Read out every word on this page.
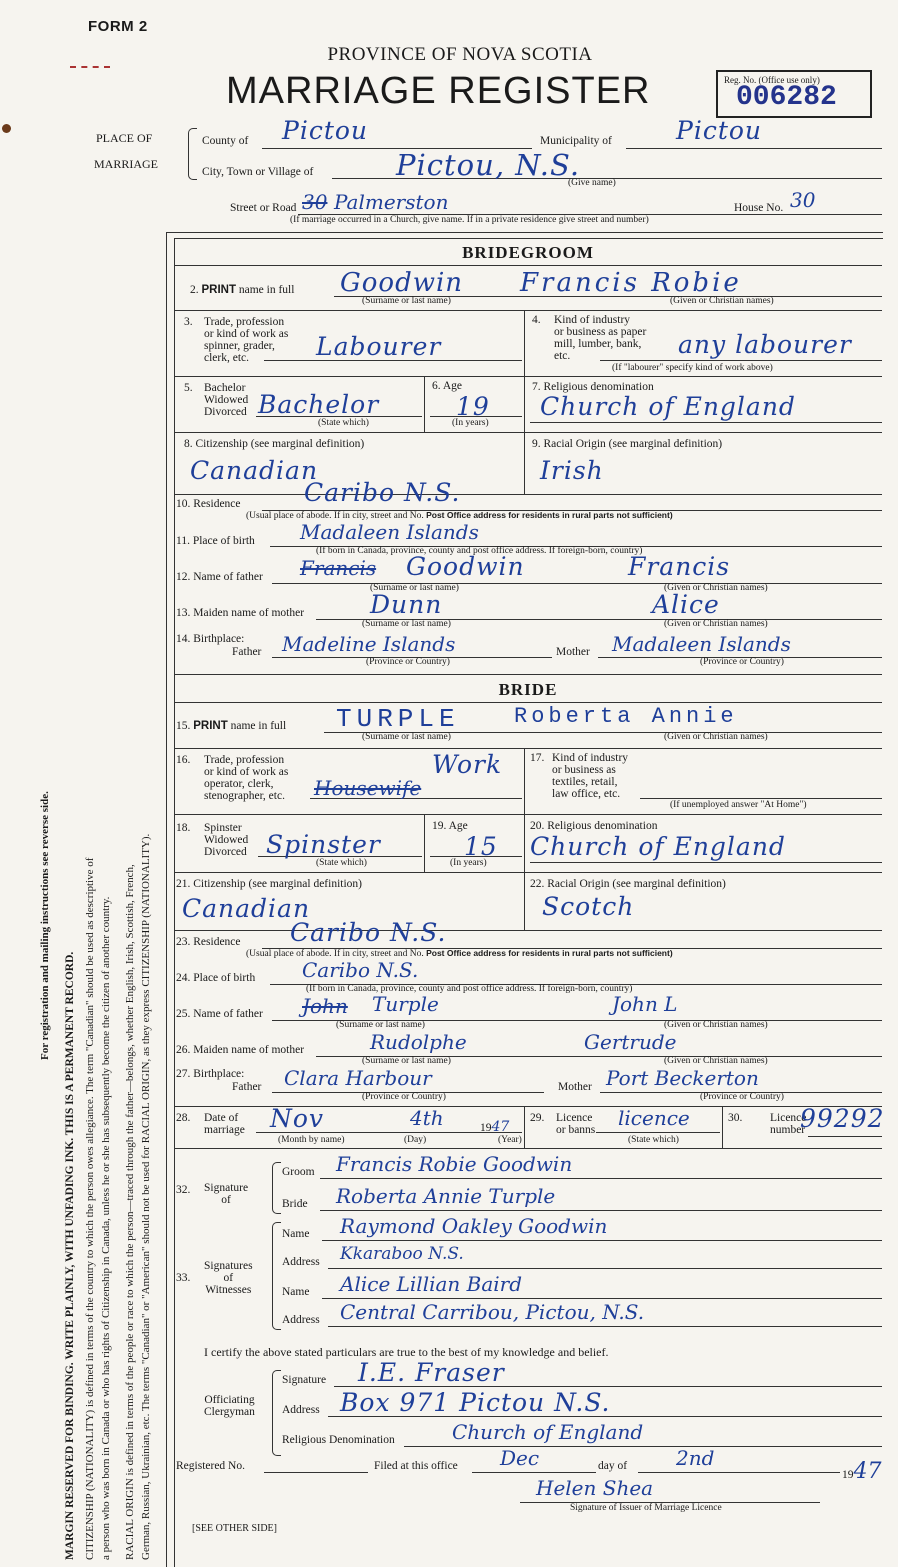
FORM 2
PROVINCE OF NOVA SCOTIA
MARRIAGE REGISTER	Reg. No. (Office use only)
006282
PLACE OF
MARRIAGE
County of Pictou	Municipality of	Pictou
City, Town or Village of	Pictou, N.S.
(Give name)
Street or Road 30 Palmerston	House No. 30
(If marriage occurred in a Church, give name. If in a private residence give street and number)
For registration and mailing instructions see reverse side.
MARGIN RESERVED FOR BINDING. WRITE PLAINLY, WITH UNFADING INK. THIS IS A PERMANENT RECORD. CITIZENSHIP (NATIONALITY) is defined in terms of the country to which the person owes allegiance. The term "Canadian" should be used as descriptive of a person who was born in Canada or who has rights of Citizenship in Canada, unless he or she has subsequently become the citizen of another country. RACIAL ORIGIN is defined in terms of the people or race to which the person—traced through the father—belongs, whether English, Irish, Scottish, French, German, Russian, Ukrainian, etc. The terms "Canadian" or "American" should not be used for RACIAL ORIGIN, as they express CITIZENSHIP (NATIONALITY).
BRIDEGROOM
2. PRINT name in full Goodwin Francis Robie
(Surname or last name)	(Given or Christian names)
3. Trade, profession
or kind of work as
spinner, grader,
clerk, etc.	Labourer
4. Kind of industry
or business as paper
mill, lumber, bank,
etc.	any labourer
(If "labourer" specify kind of work above)
5. Bachelor
Widowed
Divorced Bachelor
(State which)
6. Age
19
(In years)
7. Religious denomination
Church of England
8. Citizenship (see marginal definition)
Canadian
9. Racial Origin (see marginal definition)
Irish
10. Residence	Caribo N.S.
(Usual place of abode. If in city, street and No. Post Office address for residents in rural parts not sufficient)
11. Place of birth Madaleen Islands
(If born in Canada, province, county and post office address. If foreign-born, country)
12. Name of father Francis Goodwin	Francis
(Surname or last name)	(Given or Christian names)
13. Maiden name of mother	Dunn	Alice
(Surname or last name)	(Given or Christian names)
14. Birthplace:
Father Madeline Islands	Mother Madaleen Islands
(Province or Country)	(Province or Country)
BRIDE
15. PRINT name in full TURPLE Roberta Annie
(Surname or last name)	(Given or Christian names)
16. Trade, profession
or kind of work as
operator, clerk,
stenographer, etc. Housewife
Work 17. Kind of industry
or business as
textiles, retail,
law office, etc.
(If unemployed answer "At Home")
18. Spinster
Widowed
Divorced Spinster
(State which)
19. Age
15
(In years)
20. Religious denomination
Church of England
21. Citizenship (see marginal definition)
Canadian
22. Racial Origin (see marginal definition)
Scotch
23. Residence Caribo N.S.
(Usual place of abode. If in city, street and No. Post Office address for residents in rural parts not sufficient)
24. Place of birth Caribo N.S.
(If born in Canada, province, county and post office address. If foreign-born, country)
25. Name of father John Turple	John L
(Surname or last name)	(Given or Christian names)
26. Maiden name of mother	Rudolphe	Gertrude
(Surname or last name)	(Given or Christian names)
27. Birthplace:
Father Clara Harbour	Mother Port Beckerton
(Province or Country)	(Province or Country)
28. Date of
marriage Nov	4th	1947
(Month by name)	(Day)	(Year)
29. Licence
or banns
licence
(State which)
30. Licence
number
99292
32. Signature
of
Groom Francis Robie Goodwin
Bride Roberta Annie Turple
33.
Signatures
of
Witnesses
Name Raymond Oakley Goodwin
Address Kkaraboo N.S.
Name Alice Lillian Baird
Address Central Carribou, Pictou, N.S.
I certify the above stated particulars are true to the best of my knowledge and belief.
Officiating
Clergyman
Signature I.E. Fraser
Address Box 971 Pictou N.S.
Religious Denomination	Church of England
Registered No.	Filed at this office Dec	day of 2nd
1947
Helen Shea
Signature of Issuer of Marriage Licence
[SEE OTHER SIDE]
